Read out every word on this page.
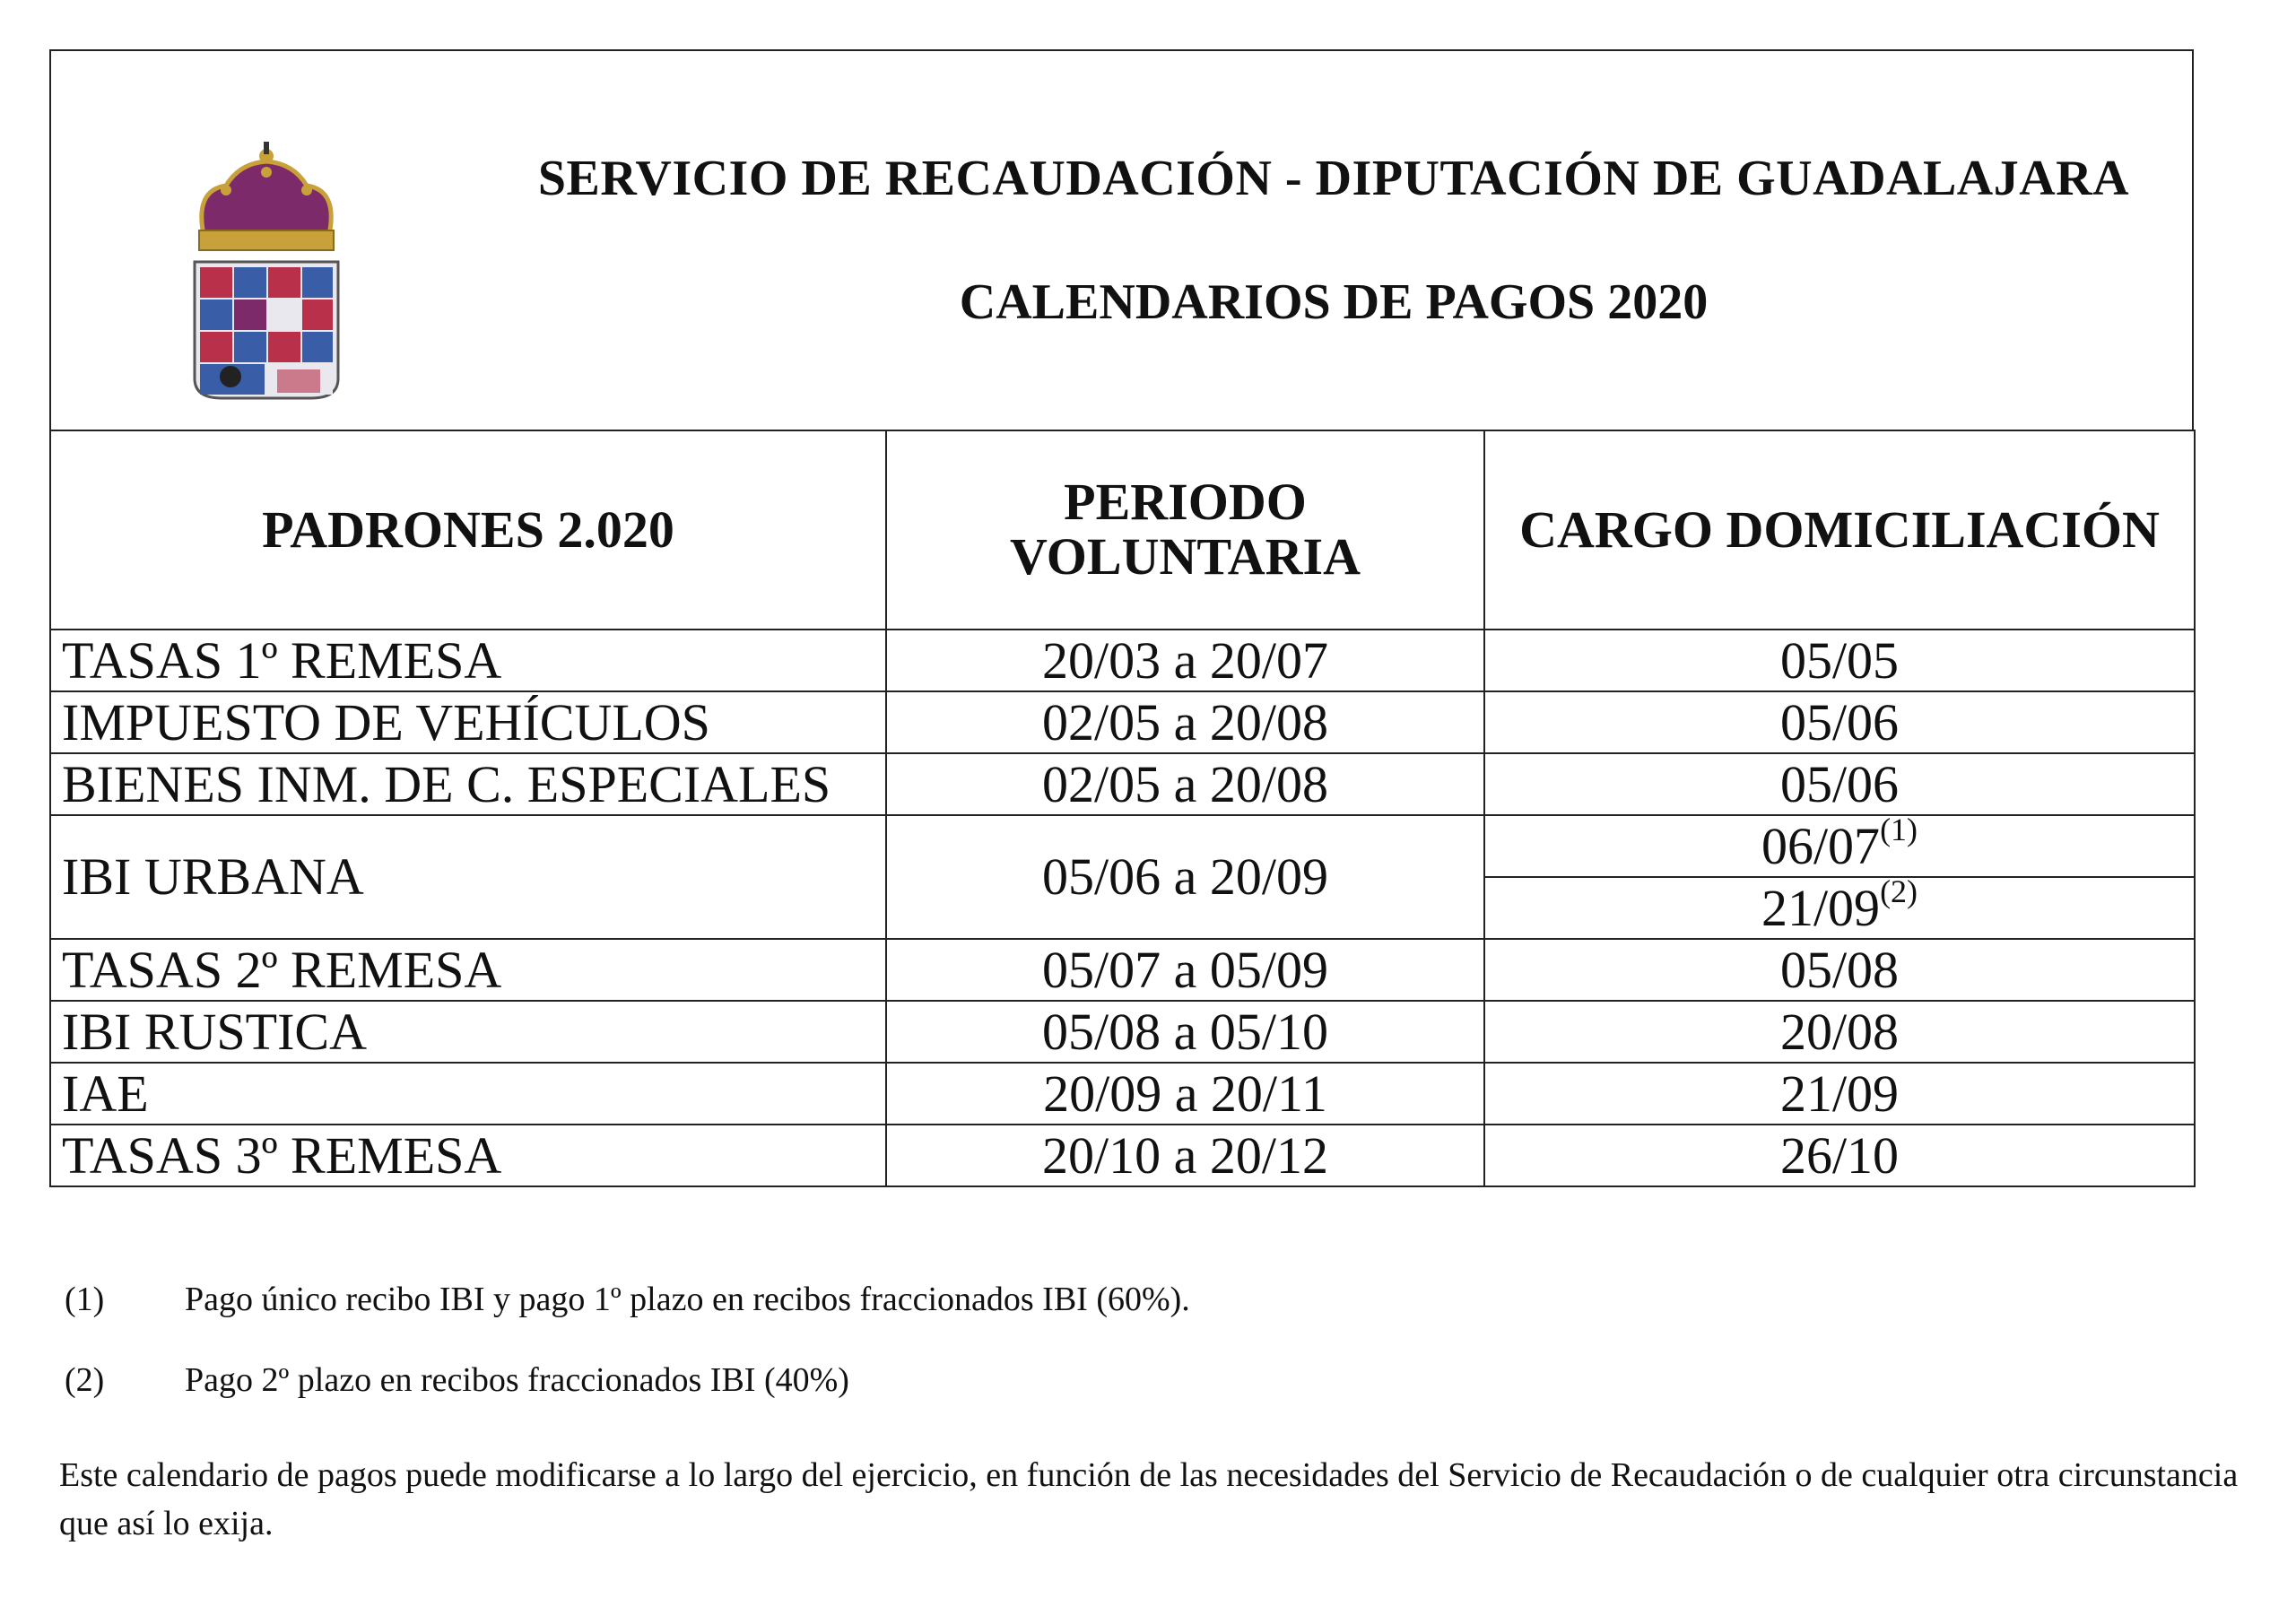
SERVICIO DE RECAUDACIÓN - DIPUTACIÓN DE GUADALAJARA
CALENDARIOS DE PAGOS 2020
PADRONES 2.020	PERIODO VOLUNTARIA	CARGO DOMICILIACIÓN
TASAS 1º REMESA	20/03 a 20/07	05/05
IMPUESTO DE VEHÍCULOS	02/05 a 20/08	05/06
BIENES INM. DE C. ESPECIALES	02/05 a 20/08	05/06
IBI URBANA	05/06 a 20/09	06/07$^{(1)}$
		21/09$^{(2)}$
TASAS 2º REMESA	05/07 a 05/09	05/08
IBI RUSTICA	05/08 a 05/10	20/08
IAE	20/09 a 20/11	21/09
TASAS 3º REMESA	20/10 a 20/12	26/10
(1)	Pago único recibo IBI y pago 1º plazo en recibos fraccionados IBI (60%).
(2)	Pago 2º plazo en recibos fraccionados IBI (40%)
Este calendario de pagos puede modificarse a lo largo del ejercicio, en función de las necesidades del Servicio de Recaudación o de cualquier otra circunstancia que así lo exija.
